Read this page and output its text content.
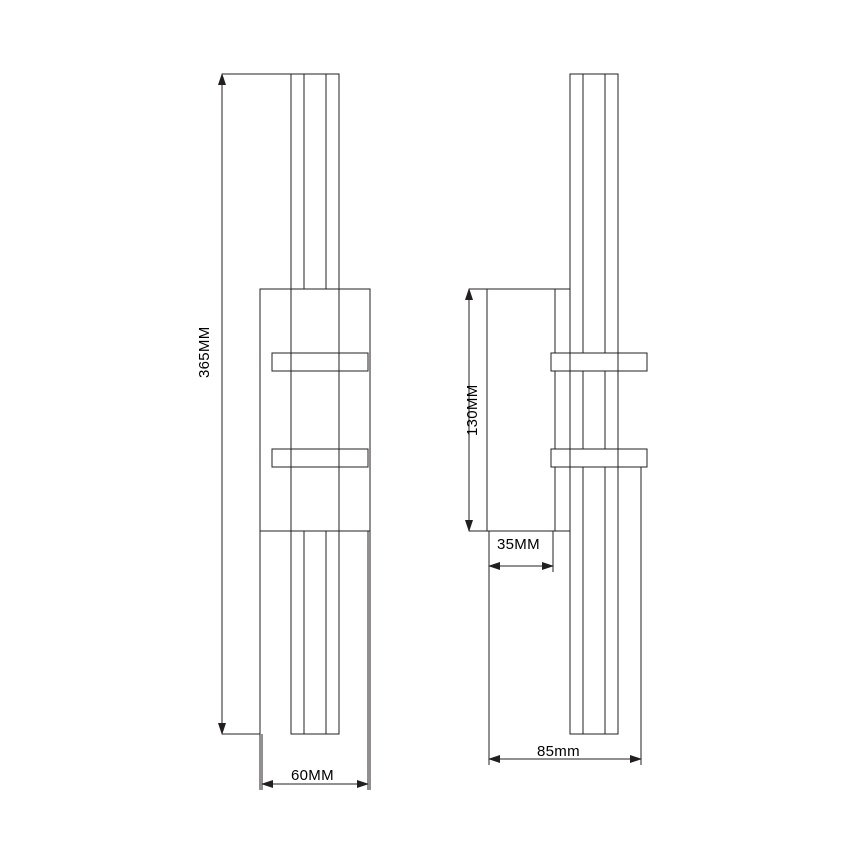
365MM
60MM
130MM
35MM
85mm
